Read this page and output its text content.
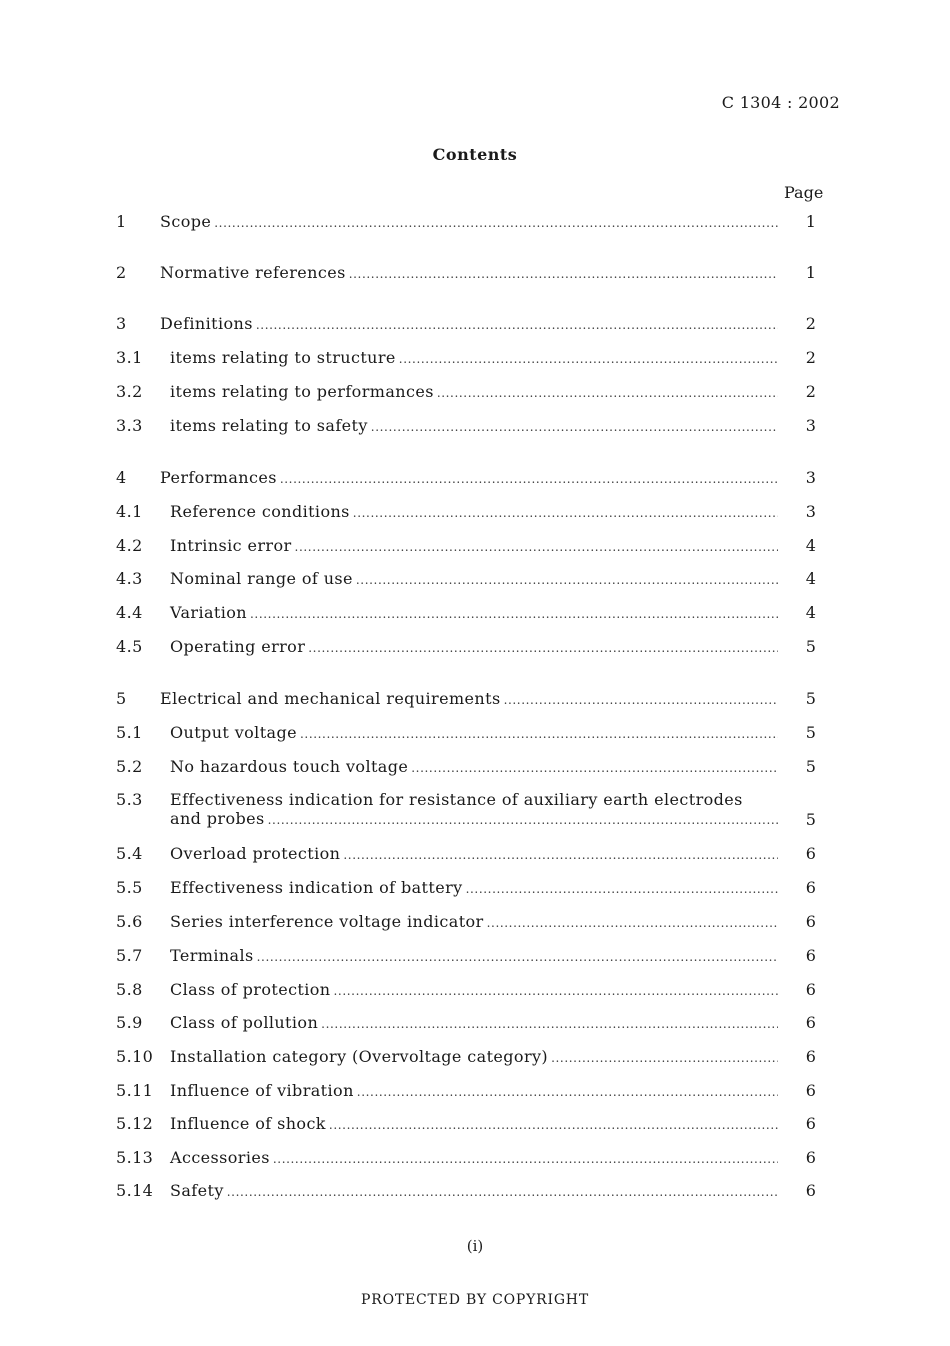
C 1304 : 2002
Contents
Page
1 Scope .....	1
2 Normative references .....	1
3 Definitions .....	2
3.1 items relating to structure .....	2
3.2 items relating to performances .....	2
3.3 items relating to safety .....	3
4 Performances .....	3
4.1 Reference conditions .....	3
4.2 Intrinsic error .....	4
4.3 Nominal range of use .....	4
4.4 Variation .....	4
4.5 Operating error .....	5
5 Electrical and mechanical requirements .....	5
5.1 Output voltage .....	5
5.2 No hazardous touch voltage .....	5
5.3 Effectiveness indication for resistance of auxiliary earth electrodes
and probes .....	5
5.4 Overload protection .....	6
5.5 Effectiveness indication of battery .....	6
5.6 Series interference voltage indicator .....	6
5.7 Terminals .....	6
5.8 Class of protection .....	6
5.9 Class of pollution .....	6
5.10 Installation category (Overvoltage category) .....	6
5.11 Influence of vibration .....	6
5.12 Influence of shock .....	6
5.13 Accessories .....	6
5.14 Safety .....	6
(i)
PROTECTED BY COPYRIGHT
